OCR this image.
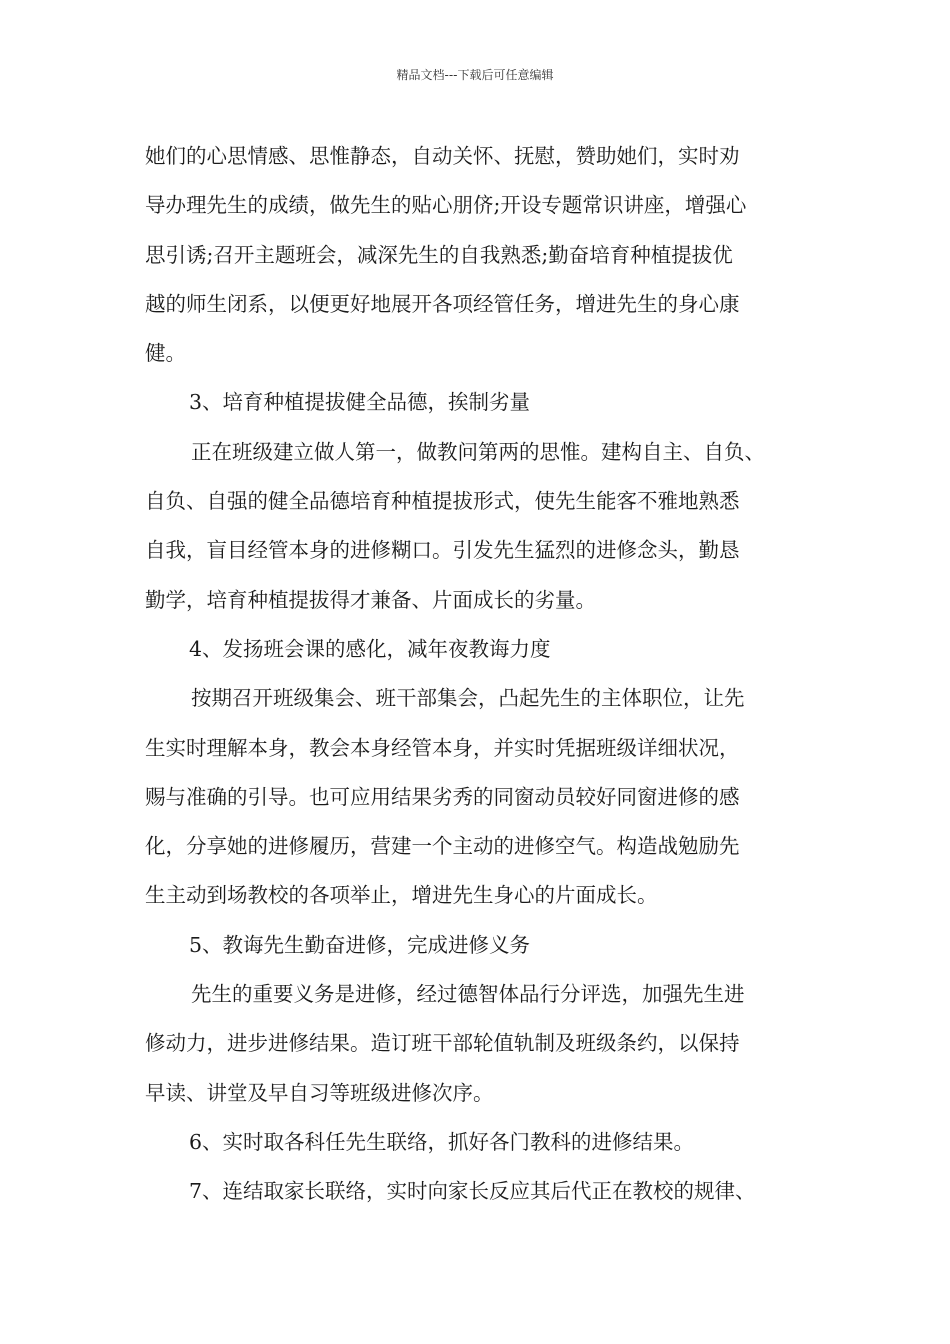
精品文档---下载后可任意编辑
她们的心思情感、思惟静态，自动关怀、抚慰，赞助她们，实时劝
导办理先生的成绩，做先生的贴心朋侪;开设专题常识讲座，增强心
思引诱;召开主题班会，减深先生的自我熟悉;勤奋培育种植提拔优
越的师生闭系，以便更好地展开各项经管任务，增进先生的身心康
健。
3、培育种植提拔健全品德，挨制劣量
正在班级建立做人第一，做教问第两的思惟。建构自主、自负、
自负、自强的健全品德培育种植提拔形式，使先生能客不雅地熟悉
自我，盲目经管本身的进修糊口。引发先生猛烈的进修念头，勤恳
勤学，培育种植提拔得才兼备、片面成长的劣量。
4、发扬班会课的感化，减年夜教诲力度
按期召开班级集会、班干部集会，凸起先生的主体职位，让先
生实时理解本身，教会本身经管本身，并实时凭据班级详细状况，
赐与准确的引导。也可应用结果劣秀的同窗动员较好同窗进修的感
化，分享她的进修履历，营建一个主动的进修空气。构造战勉励先
生主动到场教校的各项举止，增进先生身心的片面成长。
5、教诲先生勤奋进修，完成进修义务
先生的重要义务是进修，经过德智体品行分评选，加强先生进
修动力，进步进修结果。造订班干部轮值轨制及班级条约，以保持
早读、讲堂及早自习等班级进修次序。
6、实时取各科任先生联络，抓好各门教科的进修结果。
7、连结取家长联络，实时向家长反应其后代正在教校的规律、
